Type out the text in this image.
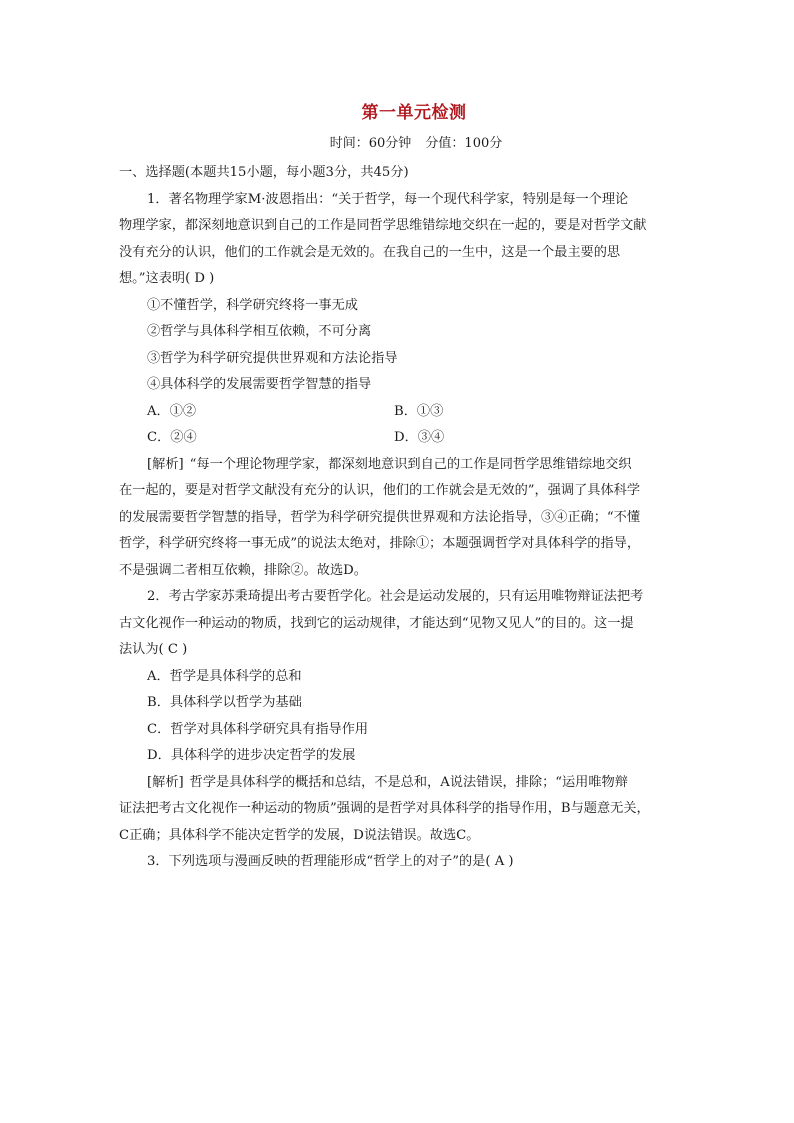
第一单元检测
时间：60分钟 分值：100分
一、选择题(本题共15小题，每小题3分，共45分)
1．著名物理学家M·波恩指出：“关于哲学，每一个现代科学家，特别是每一个理论
物理学家，都深刻地意识到自己的工作是同哲学思维错综地交织在一起的，要是对哲学文献
没有充分的认识，他们的工作就会是无效的。在我自己的一生中，这是一个最主要的思
想。”这表明( D )
①不懂哲学，科学研究终将一事无成
②哲学与具体科学相互依赖，不可分离
③哲学为科学研究提供世界观和方法论指导
④具体科学的发展需要哲学智慧的指导
A．①②	B．①③
C．②④	D．③④
[解析] “每一个理论物理学家，都深刻地意识到自己的工作是同哲学思维错综地交织
在一起的，要是对哲学文献没有充分的认识，他们的工作就会是无效的”，强调了具体科学
的发展需要哲学智慧的指导，哲学为科学研究提供世界观和方法论指导，③④正确；“不懂
哲学，科学研究终将一事无成”的说法太绝对，排除①；本题强调哲学对具体科学的指导，
不是强调二者相互依赖，排除②。故选D。
2．考古学家苏秉琦提出考古要哲学化。社会是运动发展的，只有运用唯物辩证法把考
古文化视作一种运动的物质，找到它的运动规律，才能达到“见物又见人”的目的。这一提
法认为( C )
A．哲学是具体科学的总和
B．具体科学以哲学为基础
C．哲学对具体科学研究具有指导作用
D．具体科学的进步决定哲学的发展
[解析] 哲学是具体科学的概括和总结，不是总和，A说法错误，排除；“运用唯物辩
证法把考古文化视作一种运动的物质”强调的是哲学对具体科学的指导作用，B与题意无关，
C正确；具体科学不能决定哲学的发展，D说法错误。故选C。
3．下列选项与漫画反映的哲理能形成“哲学上的对子”的是( A )
